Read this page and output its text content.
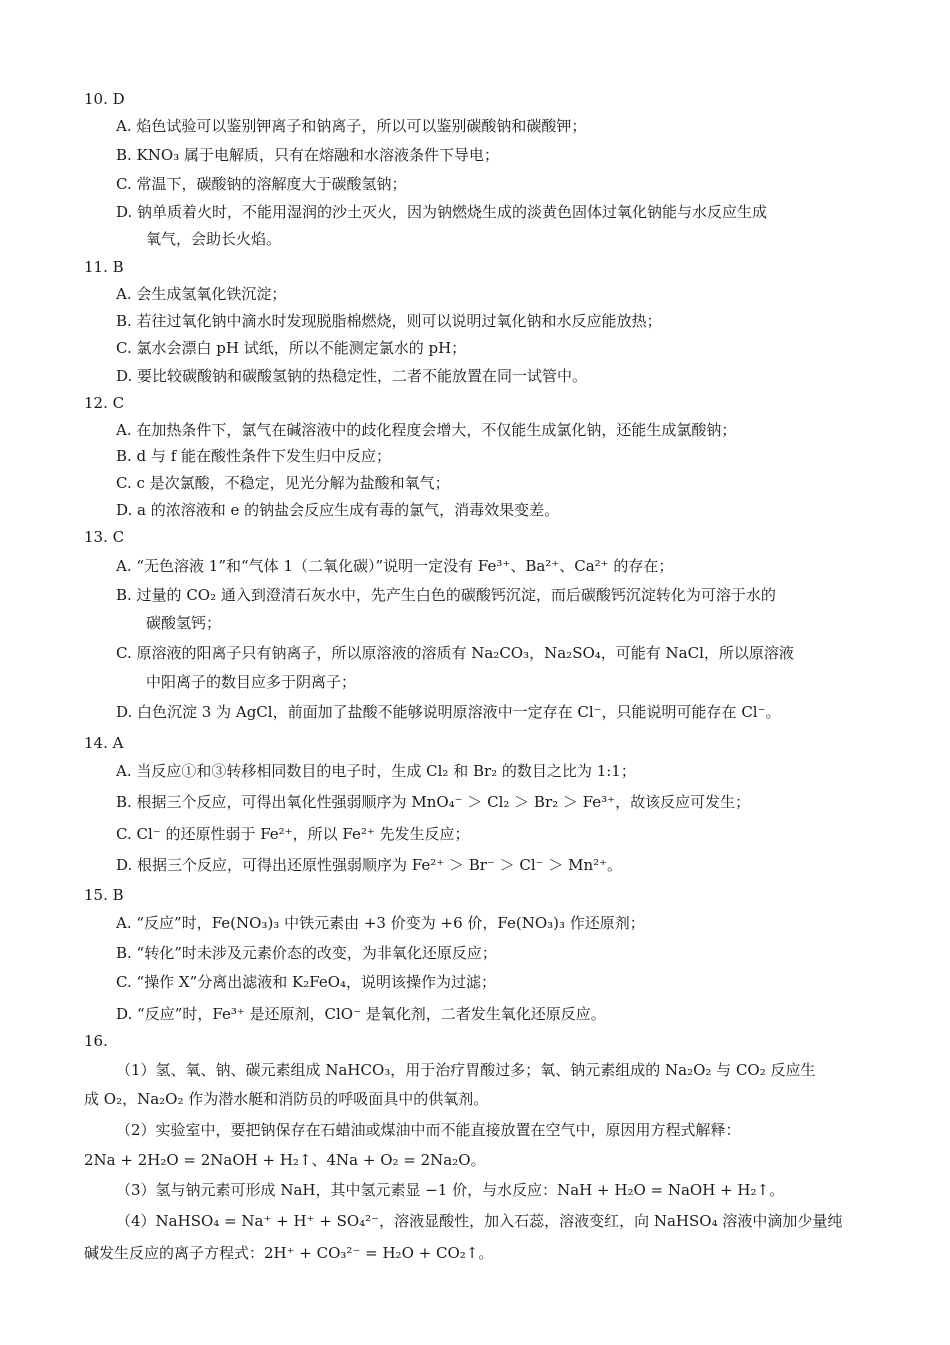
10. D
A. 焰色试验可以鉴别钾离子和钠离子，所以可以鉴别碳酸钠和碳酸钾；
B. KNO₃ 属于电解质，只有在熔融和水溶液条件下导电；
C. 常温下，碳酸钠的溶解度大于碳酸氢钠；
D. 钠单质着火时，不能用湿润的沙土灭火，因为钠燃烧生成的淡黄色固体过氧化钠能与水反应生成
氧气，会助长火焰。
11. B
A. 会生成氢氧化铁沉淀；
B. 若往过氧化钠中滴水时发现脱脂棉燃烧，则可以说明过氧化钠和水反应能放热；
C. 氯水会漂白 pH 试纸，所以不能测定氯水的 pH；
D. 要比较碳酸钠和碳酸氢钠的热稳定性，二者不能放置在同一试管中。
12. C
A. 在加热条件下，氯气在碱溶液中的歧化程度会增大，不仅能生成氯化钠，还能生成氯酸钠；
B. d 与 f 能在酸性条件下发生归中反应；
C. c 是次氯酸，不稳定，见光分解为盐酸和氧气；
D. a 的浓溶液和 e 的钠盐会反应生成有毒的氯气，消毒效果变差。
13. C
A. “无色溶液 1”和“气体 1（二氧化碳）”说明一定没有 Fe³⁺、Ba²⁺、Ca²⁺ 的存在；
B. 过量的 CO₂ 通入到澄清石灰水中，先产生白色的碳酸钙沉淀，而后碳酸钙沉淀转化为可溶于水的
碳酸氢钙；
C. 原溶液的阳离子只有钠离子，所以原溶液的溶质有 Na₂CO₃，Na₂SO₄，可能有 NaCl，所以原溶液
中阳离子的数目应多于阴离子；
D. 白色沉淀 3 为 AgCl，前面加了盐酸不能够说明原溶液中一定存在 Cl⁻，只能说明可能存在 Cl⁻。
14. A
A. 当反应①和③转移相同数目的电子时，生成 Cl₂ 和 Br₂ 的数目之比为 1:1；
B. 根据三个反应，可得出氧化性强弱顺序为 MnO₄⁻ ＞ Cl₂ ＞ Br₂ ＞ Fe³⁺，故该反应可发生；
C. Cl⁻ 的还原性弱于 Fe²⁺，所以 Fe²⁺ 先发生反应；
D. 根据三个反应，可得出还原性强弱顺序为 Fe²⁺ ＞ Br⁻ ＞ Cl⁻ ＞ Mn²⁺。
15. B
A. “反应”时，Fe(NO₃)₃ 中铁元素由 +3 价变为 +6 价，Fe(NO₃)₃ 作还原剂；
B. “转化”时未涉及元素价态的改变，为非氧化还原反应；
C. “操作 X”分离出滤液和 K₂FeO₄，说明该操作为过滤；
D. “反应”时，Fe³⁺ 是还原剂，ClO⁻ 是氧化剂，二者发生氧化还原反应。
16.
（1）氢、氧、钠、碳元素组成 NaHCO₃，用于治疗胃酸过多；氧、钠元素组成的 Na₂O₂ 与 CO₂ 反应生
成 O₂，Na₂O₂ 作为潜水艇和消防员的呼吸面具中的供氧剂。
（2）实验室中，要把钠保存在石蜡油或煤油中而不能直接放置在空气中，原因用方程式解释：
2Na + 2H₂O = 2NaOH + H₂↑、4Na + O₂ = 2Na₂O。
（3）氢与钠元素可形成 NaH，其中氢元素显 −1 价，与水反应：NaH + H₂O = NaOH + H₂↑。
（4）NaHSO₄ = Na⁺ + H⁺ + SO₄²⁻，溶液显酸性，加入石蕊，溶液变红，向 NaHSO₄ 溶液中滴加少量纯
碱发生反应的离子方程式：2H⁺ + CO₃²⁻ = H₂O + CO₂↑。
